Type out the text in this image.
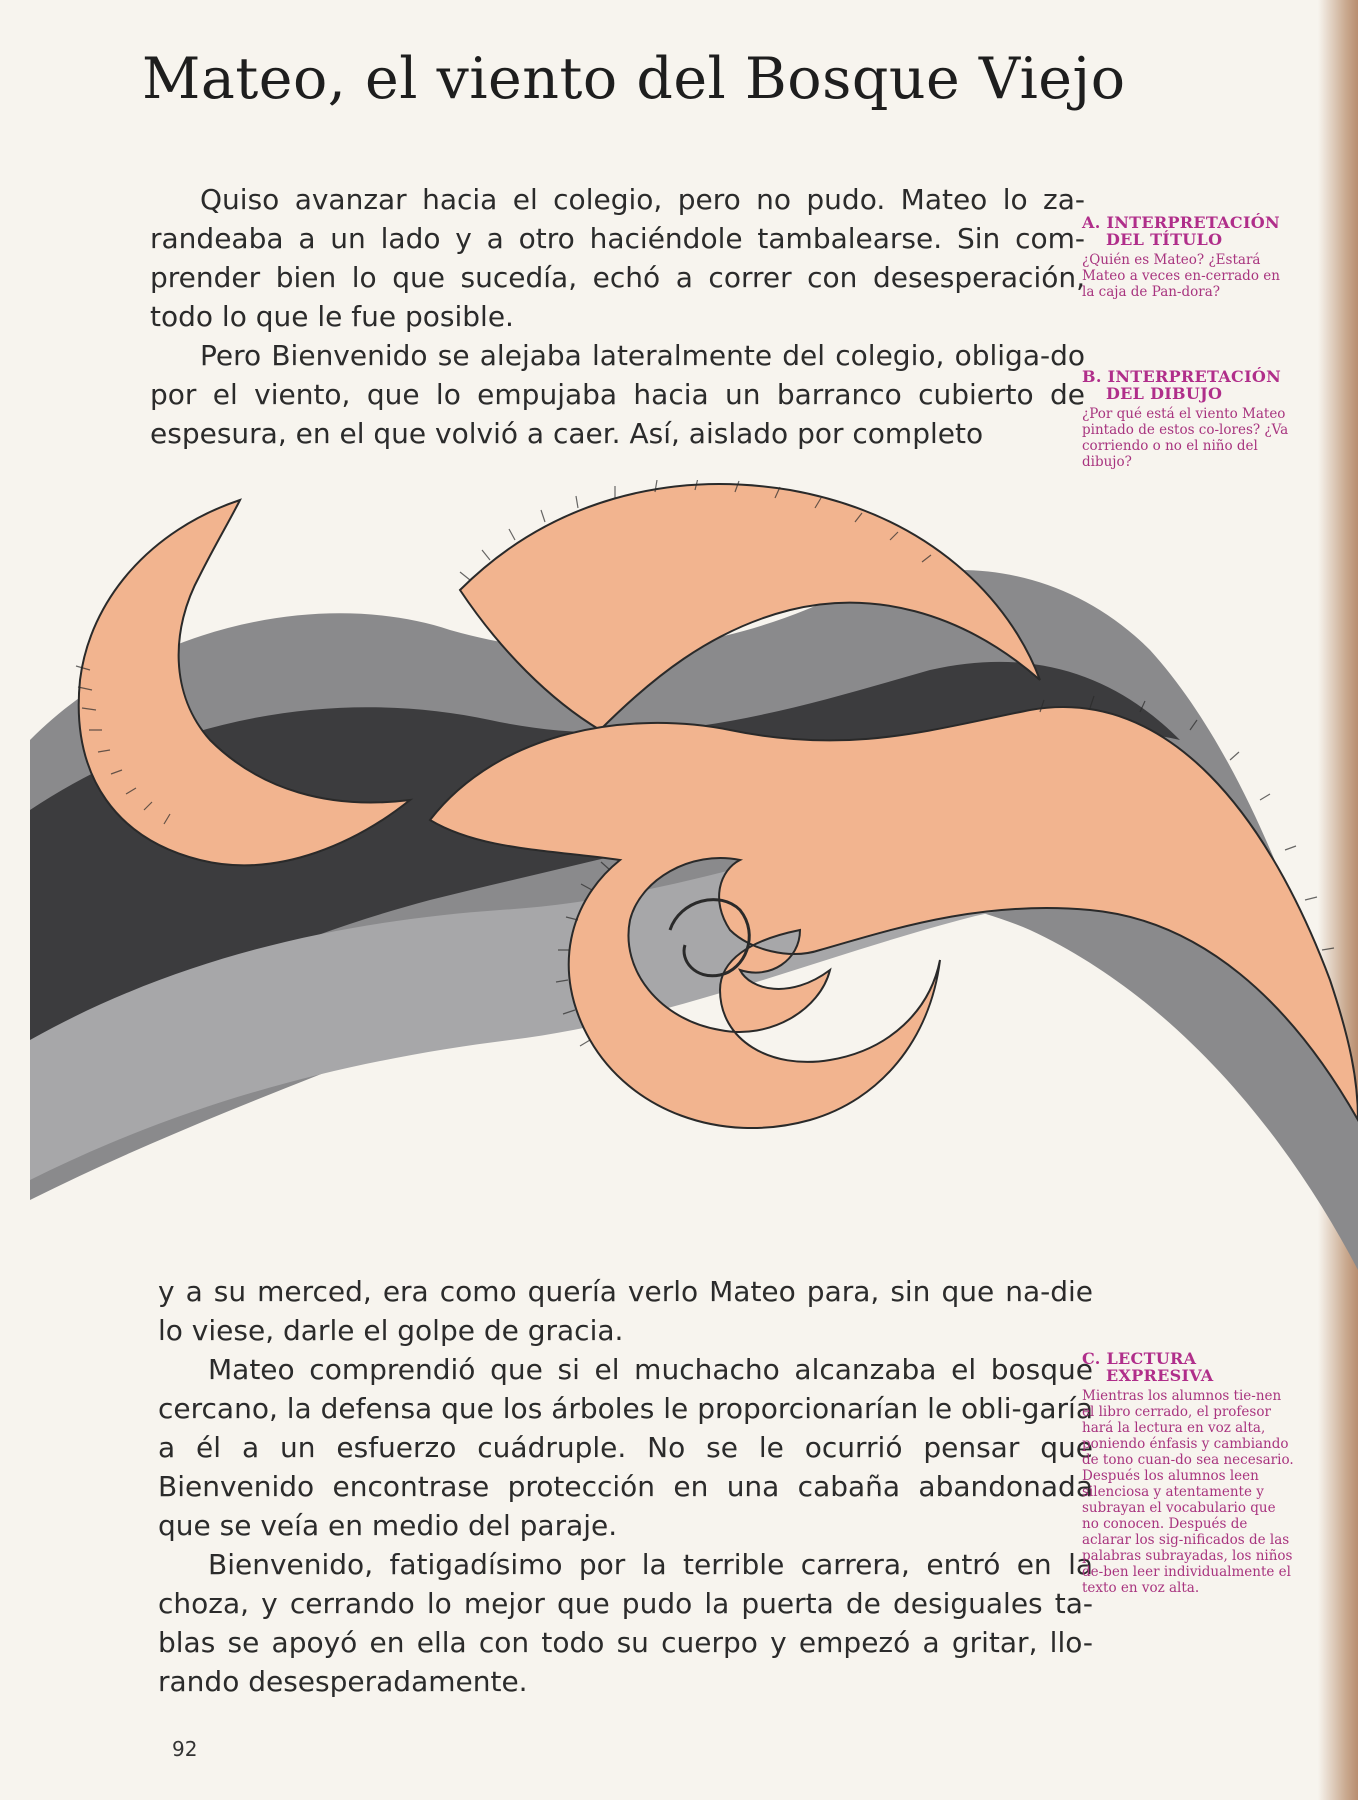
Mateo, el viento del Bosque Viejo

Quiso avanzar hacia el colegio, pero no pudo. Mateo lo za-randeaba a un lado y a otro haciéndole tambalearse. Sin com-prender bien lo que sucedía, echó a correr con desesperación, todo lo que le fue posible.

Pero Bienvenido se alejaba lateralmente del colegio, obliga-do por el viento, que lo empujaba hacia un barranco cubierto de espesura, en el que volvió a caer. Así, aislado por completo

A. INTERPRETACIÓN
DEL TÍTULO

¿Quién es Mateo? ¿Estará Mateo a veces en-cerrado en la caja de Pan-dora?

B. INTERPRETACIÓN
DEL DIBUJO

¿Por qué está el viento Mateo pintado de estos co-lores? ¿Va corriendo o no el niño del dibujo?

y a su merced, era como quería verlo Mateo para, sin que na-die lo viese, darle el golpe de gracia.

Mateo comprendió que si el muchacho alcanzaba el bosque cercano, la defensa que los árboles le proporcionarían le obli-garía a él a un esfuerzo cuádruple. No se le ocurrió pensar que Bienvenido encontrase protección en una cabaña abandonada que se veía en medio del paraje.

Bienvenido, fatigadísimo por la terrible carrera, entró en la choza, y cerrando lo mejor que pudo la puerta de desiguales ta-blas se apoyó en ella con todo su cuerpo y empezó a gritar, llo-rando desesperadamente.

C. LECTURA
EXPRESIVA

Mientras los alumnos tie-nen el libro cerrado, el profesor hará la lectura en voz alta, poniendo énfasis y cambiando de tono cuan-do sea necesario. Después los alumnos leen silenciosa y atentamente y subrayan el vocabulario que no conocen. Después de aclarar los sig-nificados de las palabras subrayadas, los niños de-ben leer individualmente el texto en voz alta.

92
